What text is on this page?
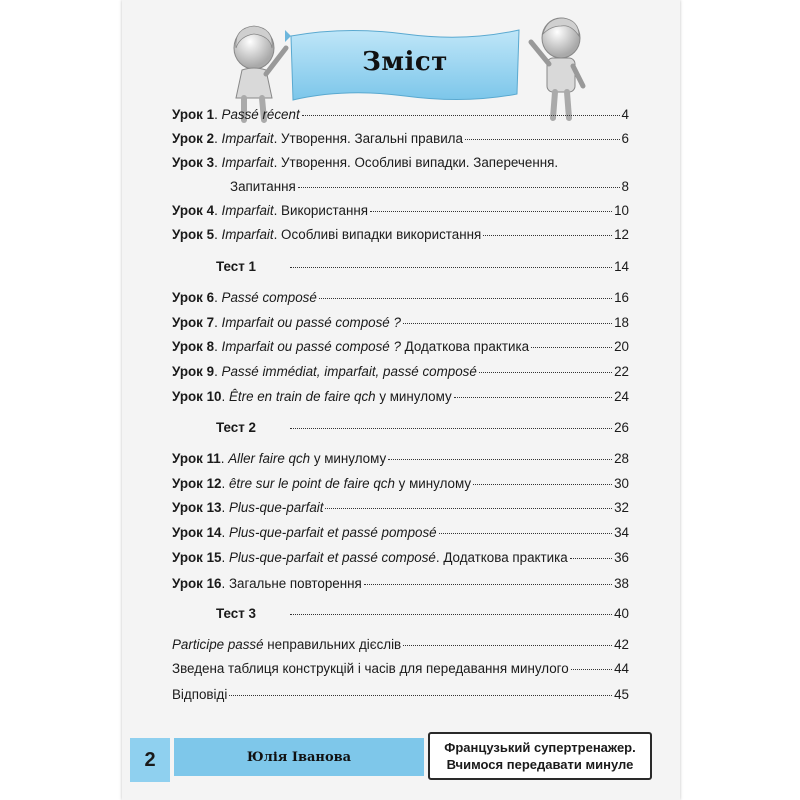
Зміст
Урок 1. Passé récent	4
Урок 2. Imparfait. Утворення. Загальні правила	6
Урок 3. Imparfait. Утворення. Особливі випадки. Заперечення.
Запитання	8
Урок 4. Imparfait. Використання	10
Урок 5. Imparfait. Особливі випадки використання	12
Тест 1	14
Урок 6. Passé composé	16
Урок 7. Imparfait ou passé composé ?	18
Урок 8. Imparfait ou passé composé ? Додаткова практика	20
Урок 9. Passé immédiat, imparfait, passé composé	22
Урок 10. Être en train de faire qch у минулому	24
Тест 2	26
Урок 11. Aller faire qch у минулому	28
Урок 12. être sur le point de faire qch у минулому	30
Урок 13. Plus-que-parfait	32
Урок 14. Plus-que-parfait et passé pomposé	34
Урок 15. Plus-que-parfait et passé composé. Додаткова практика	36
Урок 16. Загальне повторення	38
Тест 3	40
Participe passé неправильних дієслів	42
Зведена таблиця конструкцій і часів для передавання минулого	44
Відповіді	45
2	Юлія Іванова
Французький супертренажер.
Вчимося передавати минуле
